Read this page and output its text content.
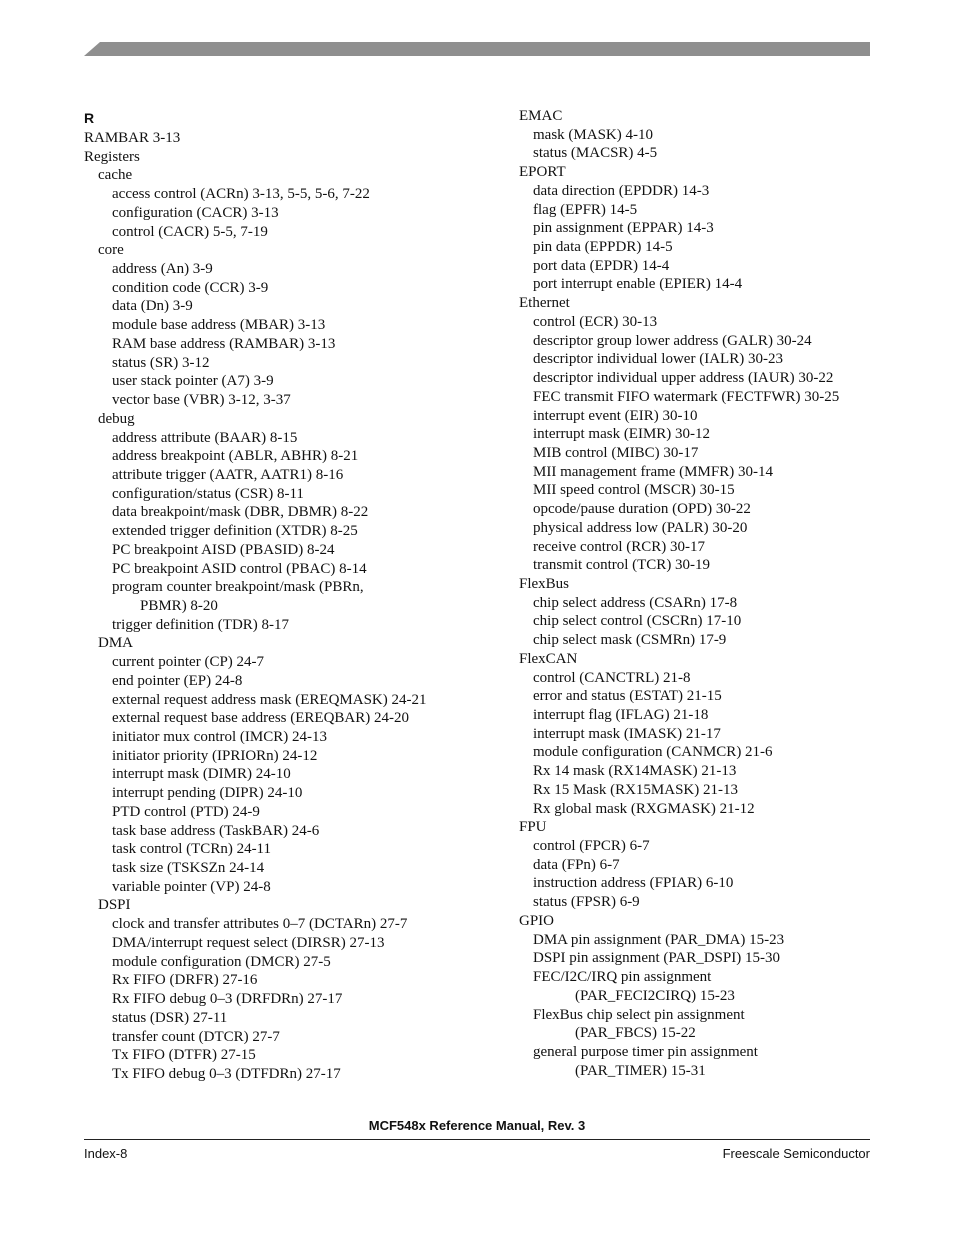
R
RAMBAR 3-13
Registers
cache
access control (ACRn) 3-13, 5-5, 5-6, 7-22
configuration (CACR) 3-13
control (CACR) 5-5, 7-19
core
address (An) 3-9
condition code (CCR) 3-9
data (Dn) 3-9
module base address (MBAR) 3-13
RAM base address (RAMBAR) 3-13
status (SR) 3-12
user stack pointer (A7) 3-9
vector base (VBR) 3-12, 3-37
debug
address attribute (BAAR) 8-15
address breakpoint (ABLR, ABHR) 8-21
attribute trigger (AATR, AATR1) 8-16
configuration/status (CSR) 8-11
data breakpoint/mask (DBR, DBMR) 8-22
extended trigger definition (XTDR) 8-25
PC breakpoint AISD (PBASID) 8-24
PC breakpoint ASID control (PBAC) 8-14
program counter breakpoint/mask (PBRn,
PBMR) 8-20
trigger definition (TDR) 8-17
DMA
current pointer (CP) 24-7
end pointer (EP) 24-8
external request address mask (EREQMASK) 24-21
external request base address (EREQBAR) 24-20
initiator mux control (IMCR) 24-13
initiator priority (IPRIORn) 24-12
interrupt mask (DIMR) 24-10
interrupt pending (DIPR) 24-10
PTD control (PTD) 24-9
task base address (TaskBAR) 24-6
task control (TCRn) 24-11
task size (TSKSZn 24-14
variable pointer (VP) 24-8
DSPI
clock and transfer attributes 0–7 (DCTARn) 27-7
DMA/interrupt request select (DIRSR) 27-13
module configuration (DMCR) 27-5
Rx FIFO (DRFR) 27-16
Rx FIFO debug 0–3 (DRFDRn) 27-17
status (DSR) 27-11
transfer count (DTCR) 27-7
Tx FIFO (DTFR) 27-15
Tx FIFO debug 0–3 (DTFDRn) 27-17
EMAC
mask (MASK) 4-10
status (MACSR) 4-5
EPORT
data direction (EPDDR) 14-3
flag (EPFR) 14-5
pin assignment (EPPAR) 14-3
pin data (EPPDR) 14-5
port data (EPDR) 14-4
port interrupt enable (EPIER) 14-4
Ethernet
control (ECR) 30-13
descriptor group lower address (GALR) 30-24
descriptor individual lower (IALR) 30-23
descriptor individual upper address (IAUR) 30-22
FEC transmit FIFO watermark (FECTFWR) 30-25
interrupt event (EIR) 30-10
interrupt mask (EIMR) 30-12
MIB control (MIBC) 30-17
MII management frame (MMFR) 30-14
MII speed control (MSCR) 30-15
opcode/pause duration (OPD) 30-22
physical address low (PALR) 30-20
receive control (RCR) 30-17
transmit control (TCR) 30-19
FlexBus
chip select address (CSARn) 17-8
chip select control (CSCRn) 17-10
chip select mask (CSMRn) 17-9
FlexCAN
control (CANCTRL) 21-8
error and status (ESTAT) 21-15
interrupt flag (IFLAG) 21-18
interrupt mask (IMASK) 21-17
module configuration (CANMCR) 21-6
Rx 14 mask (RX14MASK) 21-13
Rx 15 Mask (RX15MASK) 21-13
Rx global mask (RXGMASK) 21-12
FPU
control (FPCR) 6-7
data (FPn) 6-7
instruction address (FPIAR) 6-10
status (FPSR) 6-9
GPIO
DMA pin assignment (PAR_DMA) 15-23
DSPI pin assignment (PAR_DSPI) 15-30
FEC/I2C/IRQ pin assignment
(PAR_FECI2CIRQ) 15-23
FlexBus chip select pin assignment
(PAR_FBCS) 15-22
general purpose timer pin assignment
(PAR_TIMER) 15-31
MCF548x Reference Manual, Rev. 3
Index-8	Freescale Semiconductor
